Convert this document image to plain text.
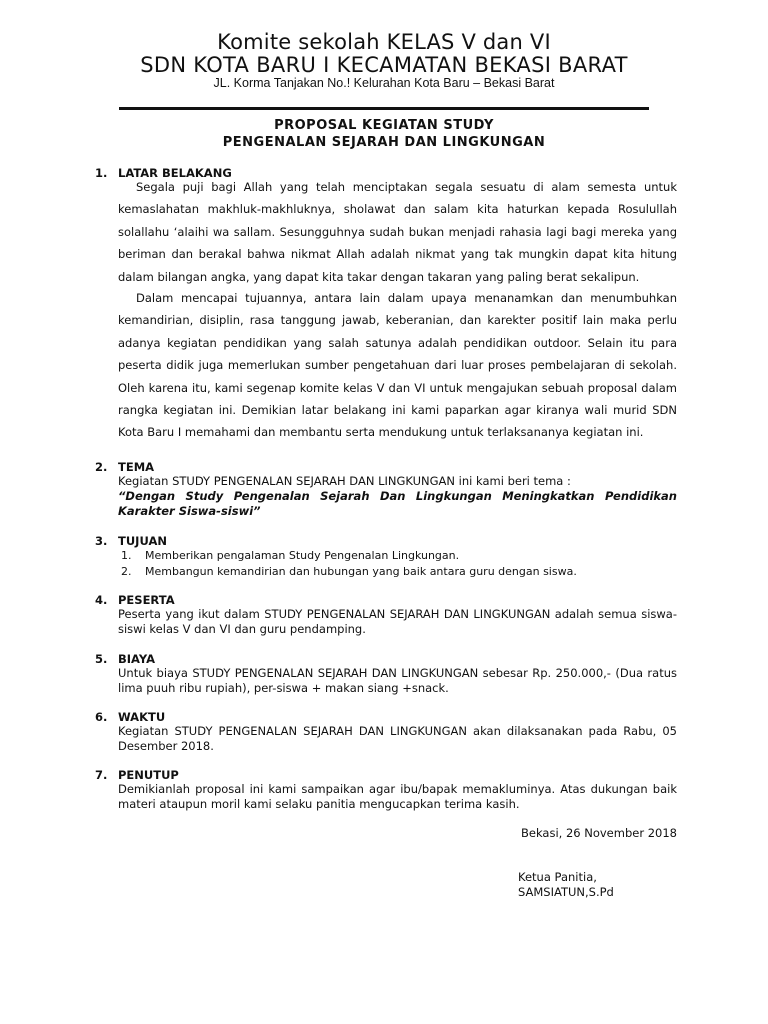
Komite sekolah KELAS V dan VI
SDN KOTA BARU I KECAMATAN BEKASI BARAT
JL. Korma Tanjakan No.! Kelurahan Kota Baru – Bekasi Barat
PROPOSAL KEGIATAN STUDY
PENGENALAN SEJARAH DAN LINGKUNGAN
1. LATAR BELAKANG
Segala puji bagi Allah yang telah menciptakan segala sesuatu di alam semesta untuk kemaslahatan makhluk-makhluknya, sholawat dan salam kita haturkan kepada Rosulullah solallahu ‘alaihi wa sallam. Sesungguhnya sudah bukan menjadi rahasia lagi bagi mereka yang beriman dan berakal bahwa nikmat Allah adalah nikmat yang tak mungkin dapat kita hitung dalam bilangan angka, yang dapat kita takar dengan takaran yang paling berat sekalipun.
Dalam mencapai tujuannya, antara lain dalam upaya menanamkan dan menumbuhkan kemandirian, disiplin, rasa tanggung jawab, keberanian, dan karekter positif lain maka perlu adanya kegiatan pendidikan yang salah satunya adalah pendidikan outdoor. Selain itu para peserta didik juga memerlukan sumber pengetahuan dari luar proses pembelajaran di sekolah. Oleh karena itu, kami segenap komite kelas V dan VI untuk mengajukan sebuah proposal dalam rangka kegiatan ini. Demikian latar belakang ini kami paparkan agar kiranya wali murid SDN Kota Baru I memahami dan membantu serta mendukung untuk terlaksananya kegiatan ini.
2. TEMA
Kegiatan STUDY PENGENALAN SEJARAH DAN LINGKUNGAN ini kami beri tema :
“Dengan Study Pengenalan Sejarah Dan Lingkungan Meningkatkan Pendidikan Karakter Siswa-siswi”
3. TUJUAN
1. Memberikan pengalaman Study Pengenalan Lingkungan.
2. Membangun kemandirian dan hubungan yang baik antara guru dengan siswa.
4. PESERTA
Peserta yang ikut dalam STUDY PENGENALAN SEJARAH DAN LINGKUNGAN adalah semua siswa-siswi kelas V dan VI dan guru pendamping.
5. BIAYA
Untuk biaya STUDY PENGENALAN SEJARAH DAN LINGKUNGAN sebesar Rp. 250.000,- (Dua ratus lima puuh ribu rupiah), per-siswa + makan siang +snack.
6. WAKTU
Kegiatan STUDY PENGENALAN SEJARAH DAN LINGKUNGAN akan dilaksanakan pada Rabu, 05 Desember 2018.
7. PENUTUP
Demikianlah proposal ini kami sampaikan agar ibu/bapak memakluminya. Atas dukungan baik materi ataupun moril kami selaku panitia mengucapkan terima kasih.
Bekasi, 26 November 2018
Ketua Panitia,
SAMSIATUN,S.Pd
